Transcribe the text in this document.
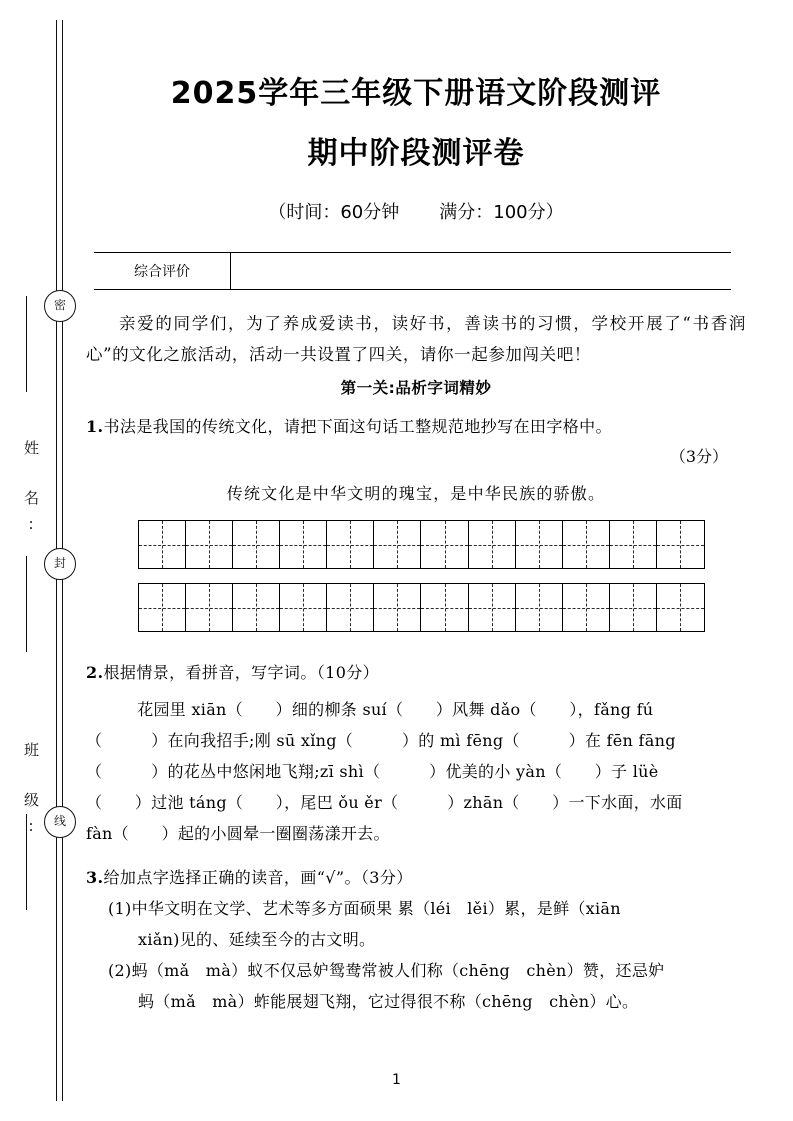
密
封
线
姓　名:
班　级:
2025学年三年级下册语文阶段测评
期中阶段测评卷

（时间：60分钟 满分：100分）

综合评价	

亲爱的同学们，为了养成爱读书，读好书，善读书的习惯，学校开展了“书香润心”的文化之旅活动，活动一共设置了四关，请你一起参加闯关吧！

第一关:品析字词精妙

1.书法是我国的传统文化，请把下面这句话工整规范地抄写在田字格中。

（3分）

传统文化是中华文明的瑰宝，是中华民族的骄傲。

2.根据情景，看拼音，写字词。（10分）

花园里 xiān（　　）细的柳条 suí（　　）风舞 dǎo（　　），fǎng fú

（　　　）在向我招手;刚 sū xǐng（　　　）的 mì fēng（　　　）在 fēn fāng

（　　　）的花丛中悠闲地飞翔;zī shì（　　　）优美的小 yàn（　　）子 lüè

（　　）过池 táng（　　），尾巴 ǒu ěr（　　　）zhān（　　）一下水面，水面

fàn（　　）起的小圆晕一圈圈荡漾开去。

3.给加点字选择正确的读音，画“√”。（3分）

(1)中华文明在文学、艺术等多方面硕果 累（léi　lěi）累，是鲜（xiān

xiǎn)见的、延续至今的古文明。

(2)蚂（mǎ　mà）蚁不仅忌妒鸳鸯常被人们称（chēng　chèn）赞，还忌妒

蚂（mǎ　mà）蚱能展翅飞翔，它过得很不称（chēng　chèn）心。

1
